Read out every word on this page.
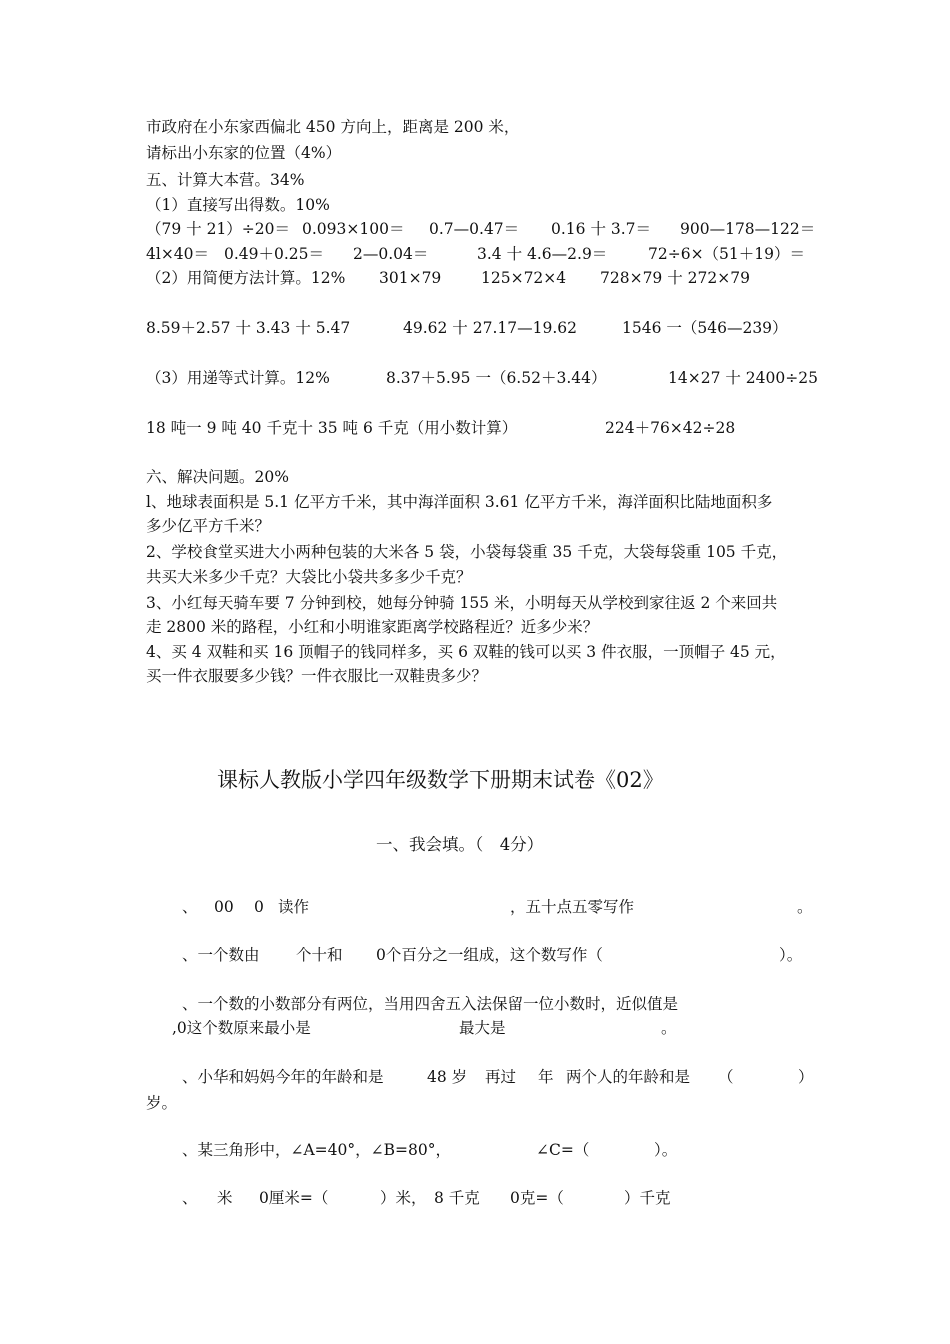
市政府在小东家西偏北 450 方向上，距离是 200 米，
请标出小东家的位置（4%）
五、计算大本营。34%
（1）直接写出得数。10%
（79 十 21）÷20＝ 0.093×100＝ 0.7—0.47＝ 0.16 十 3.7＝ 900—178—122＝
4l×40＝ 0.49＋0.25＝ 2—0.04＝	3.4 十 4.6—2.9＝	72÷6×（51＋19）＝
（2）用简便方法计算。12% 301×79	125×72×4 728×79 十 272×79
8.59＋2.57 十 3.43 十 5.47	49.62 十 27.17—19.62	1546 一（546—239）
（3）用递等式计算。12%	8.37＋5.95 一（6.52＋3.44）	14×27 十 2400÷25
18 吨一 9 吨 40 千克十 35 吨 6 千克（用小数计算）	224＋76×42÷28
六、解决问题。20%
l、地球表面积是 5.1 亿平方千米，其中海洋面积 3.61 亿平方千米，海洋面积比陆地面积多
多少亿平方千米？
2、学校食堂买进大小两种包装的大米各 5 袋，小袋每袋重 35 千克，大袋每袋重 105 千克，
共买大米多少千克？大袋比小袋共多多少千克？
3、小红每天骑车要 7 分钟到校，她每分钟骑 155 米，小明每天从学校到家往返 2 个来回共
走 2800 米的路程，小红和小明谁家距离学校路程近？近多少米？
4、买 4 双鞋和买 16 顶帽子的钱同样多，买 6 双鞋的钱可以买 3 件衣服，一顶帽子 45 元，
买一件衣服要多少钱？一件衣服比一双鞋贵多少？
课标人教版小学四年级数学下册期末试卷《02》
一、我会填。（　4分）
、 00 0 读作	，五十点五零写作	。
、一个数由 个十和 0个百分之一组成，这个数写作（	）。
、一个数的小数部分有两位，当用四舍五入法保留一位小数时，近似值是
,0这个数原来最小是	最大是	。
、小华和妈妈今年的年龄和是	48 岁 再过 年 两个人的年龄和是 （	）
岁。
、某三角形中，∠A=40°，∠B=80°，	∠C=（	）。
、 米 0厘米=（	）米， 8 千克 0克=（	）千克
